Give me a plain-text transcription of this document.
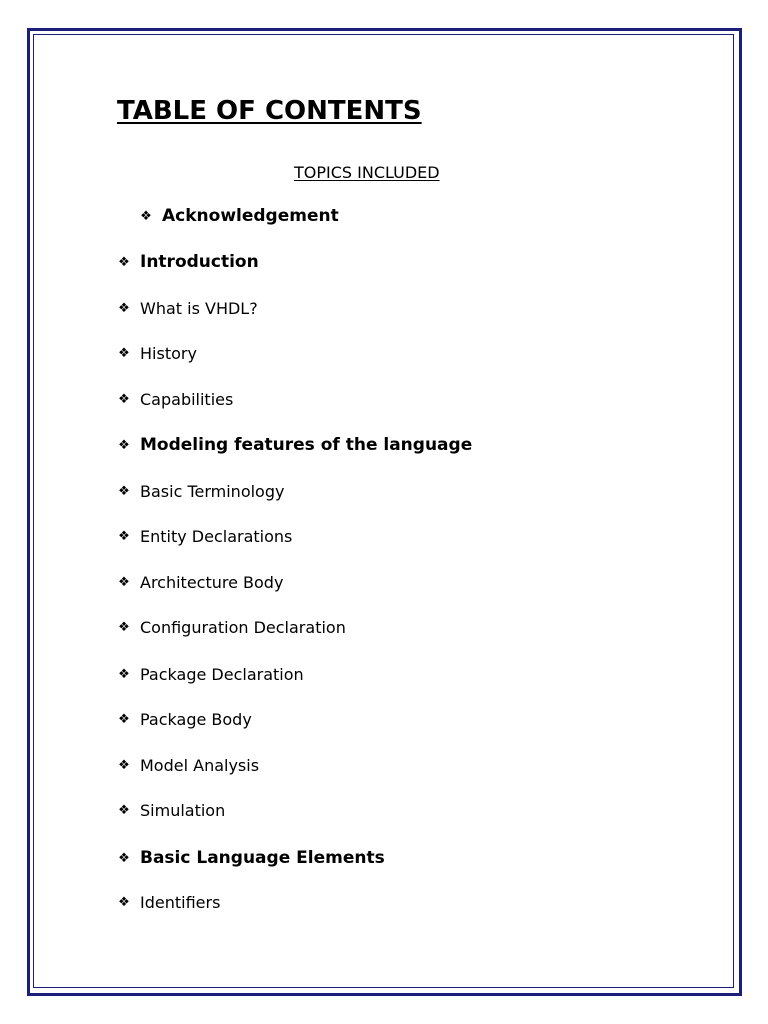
TABLE OF CONTENTS
TOPICS INCLUDED
❖ Acknowledgement
❖ Introduction
❖ What is VHDL?
❖ History
❖ Capabilities
❖ Modeling features of the language
❖ Basic Terminology
❖ Entity Declarations
❖ Architecture Body
❖ Configuration Declaration
❖ Package Declaration
❖ Package Body
❖ Model Analysis
❖ Simulation
❖ Basic Language Elements
❖ Identifiers
